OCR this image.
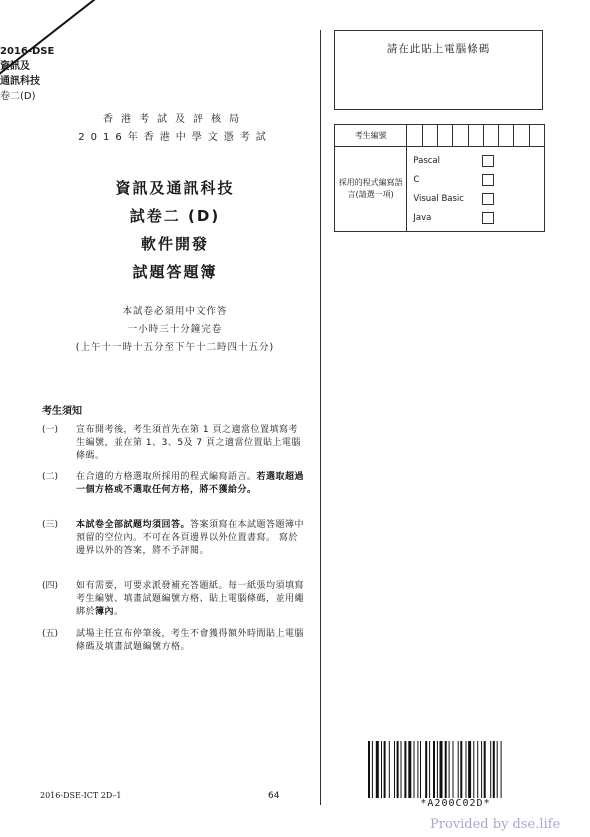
2016-DSE
資訊及
通訊科技
卷二(D)
香港考試及評核局
2016年香港中學文憑考試
資訊及通訊科技
試卷二 (D)
軟件開發
試題答題簿
本試卷必須用中文作答
一小時三十分鐘完卷
(上午十一時十五分至下午十二時四十五分)
考生須知
(一) 宣布開考後，考生須首先在第 1 頁之適當位置填寫考生編號，並在第 1、3、5及 7 頁之適當位置貼上電腦條碼。
(二) 在合適的方格選取所採用的程式編寫語言。若選取超過一個方格或不選取任何方格，將不獲給分。
(三) 本試卷全部試題均須回答。答案須寫在本試題答題簿中預留的空位內。不可在各頁邊界以外位置書寫。 寫於邊界以外的答案，將不予評閱。
(四) 如有需要，可要求派發補充答題紙。每一紙張均須填寫考生編號、填畫試題編號方格、貼上電腦條碼，並用繩綁於簿內。
(五) 試場主任宣布停筆後，考生不會獲得額外時間貼上電腦條碼及填畫試題編號方格。
請在此貼上電腦條碼
考生編號									
採用的程式編寫語言(請選一項)	Pascal
C
Visual Basic
Java								
2016-DSE-ICT 2D–1	64
*A200C02D*
Provided by dse.life
